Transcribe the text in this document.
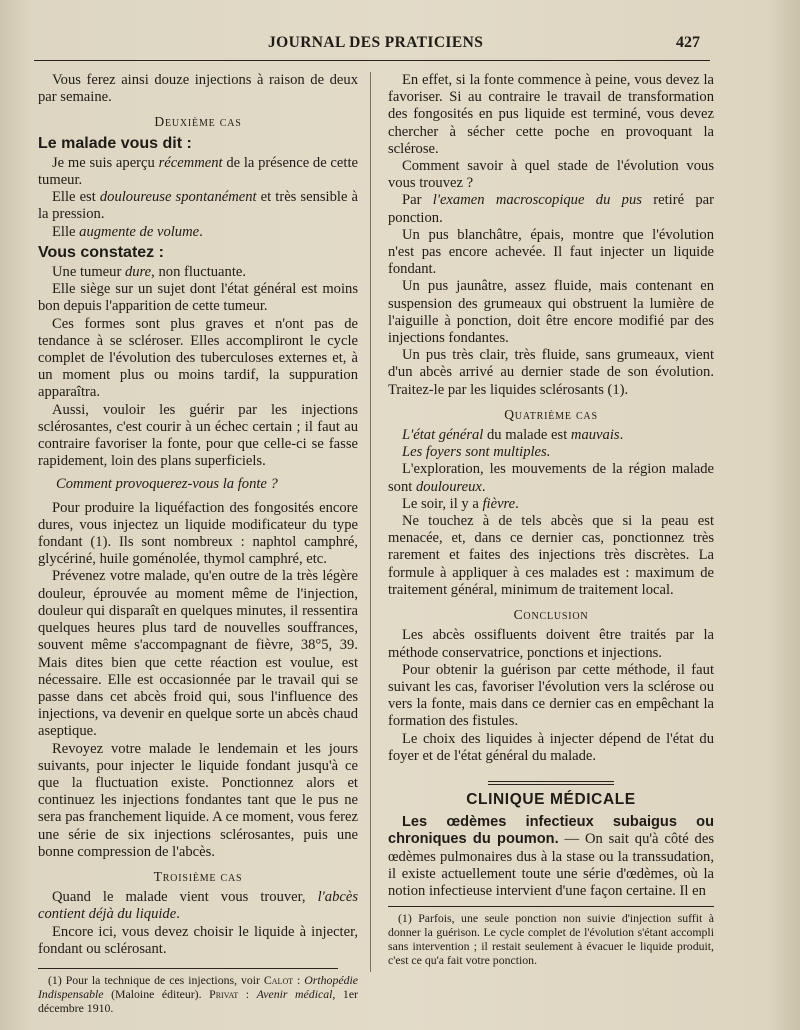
JOURNAL DES PRATICIENS	427

Vous ferez ainsi douze injections à raison de deux par semaine.

Deuxième cas
Le malade vous dit :

Je me suis aperçu récemment de la présence de cette tumeur.

Elle est douloureuse spontanément et très sensible à la pression.

Elle augmente de volume.

Vous constatez :

Une tumeur dure, non fluctuante.

Elle siège sur un sujet dont l'état général est moins bon depuis l'apparition de cette tumeur.

Ces formes sont plus graves et n'ont pas de tendance à se scléroser. Elles accompliront le cycle complet de l'évolution des tuberculoses externes et, à un moment plus ou moins tardif, la suppuration apparaîtra.

Aussi, vouloir les guérir par les injections sclérosantes, c'est courir à un échec certain ; il faut au contraire favoriser la fonte, pour que celle-ci se fasse rapidement, loin des plans superficiels.

Comment provoquerez-vous la fonte ?

Pour produire la liquéfaction des fongosités encore dures, vous injectez un liquide modificateur du type fondant (1). Ils sont nombreux : naphtol camphré, glycériné, huile goménolée, thymol camphré, etc.

Prévenez votre malade, qu'en outre de la très légère douleur, éprouvée au moment même de l'injection, douleur qui disparaît en quelques minutes, il ressentira quelques heures plus tard de nouvelles souffrances, souvent même s'accompagnant de fièvre, 38°5, 39. Mais dites bien que cette réaction est voulue, est nécessaire. Elle est occasionnée par le travail qui se passe dans cet abcès froid qui, sous l'influence des injections, va devenir en quelque sorte un abcès chaud aseptique.

Revoyez votre malade le lendemain et les jours suivants, pour injecter le liquide fondant jusqu'à ce que la fluctuation existe. Ponctionnez alors et continuez les injections fondantes tant que le pus ne sera pas franchement liquide. A ce moment, vous ferez une série de six injections sclérosantes, puis une bonne compression de l'abcès.

Troisième cas

Quand le malade vient vous trouver, l'abcès contient déjà du liquide.

Encore ici, vous devez choisir le liquide à injecter, fondant ou sclérosant.

(1) Pour la technique de ces injections, voir Calot : Orthopédie Indispensable (Maloine éditeur). Privat : Avenir médical, 1er décembre 1910.

En effet, si la fonte commence à peine, vous devez la favoriser. Si au contraire le travail de transformation des fongosités en pus liquide est terminé, vous devez chercher à sécher cette poche en provoquant la sclérose.

Comment savoir à quel stade de l'évolution vous vous trouvez ?

Par l'examen macroscopique du pus retiré par ponction.

Un pus blanchâtre, épais, montre que l'évolution n'est pas encore achevée. Il faut injecter un liquide fondant.

Un pus jaunâtre, assez fluide, mais contenant en suspension des grumeaux qui obstruent la lumière de l'aiguille à ponction, doit être encore modifié par des injections fondantes.

Un pus très clair, très fluide, sans grumeaux, vient d'un abcès arrivé au dernier stade de son évolution. Traitez-le par les liquides sclérosants (1).

Quatrième cas

L'état général du malade est mauvais.

Les foyers sont multiples.

L'exploration, les mouvements de la région malade sont douloureux.

Le soir, il y a fièvre.

Ne touchez à de tels abcès que si la peau est menacée, et, dans ce dernier cas, ponctionnez très rarement et faites des injections très discrètes. La formule à appliquer à ces malades est : maximum de traitement général, minimum de traitement local.

Conclusion

Les abcès ossifluents doivent être traités par la méthode conservatrice, ponctions et injections.

Pour obtenir la guérison par cette méthode, il faut suivant les cas, favoriser l'évolution vers la sclérose ou vers la fonte, mais dans ce dernier cas en empêchant la formation des fistules.

Le choix des liquides à injecter dépend de l'état du foyer et de l'état général du malade.

CLINIQUE MÉDICALE

Les œdèmes infectieux subaigus ou chroniques du poumon. — On sait qu'à côté des œdèmes pulmonaires dus à la stase ou la transsudation, il existe actuellement toute une série d'œdèmes, où la notion infectieuse intervient d'une façon certaine. Il en

(1) Parfois, une seule ponction non suivie d'injection suffit à donner la guérison. Le cycle complet de l'évolution s'étant accompli sans intervention ; il restait seulement à évacuer le liquide produit, c'est ce qu'a fait votre ponction.
